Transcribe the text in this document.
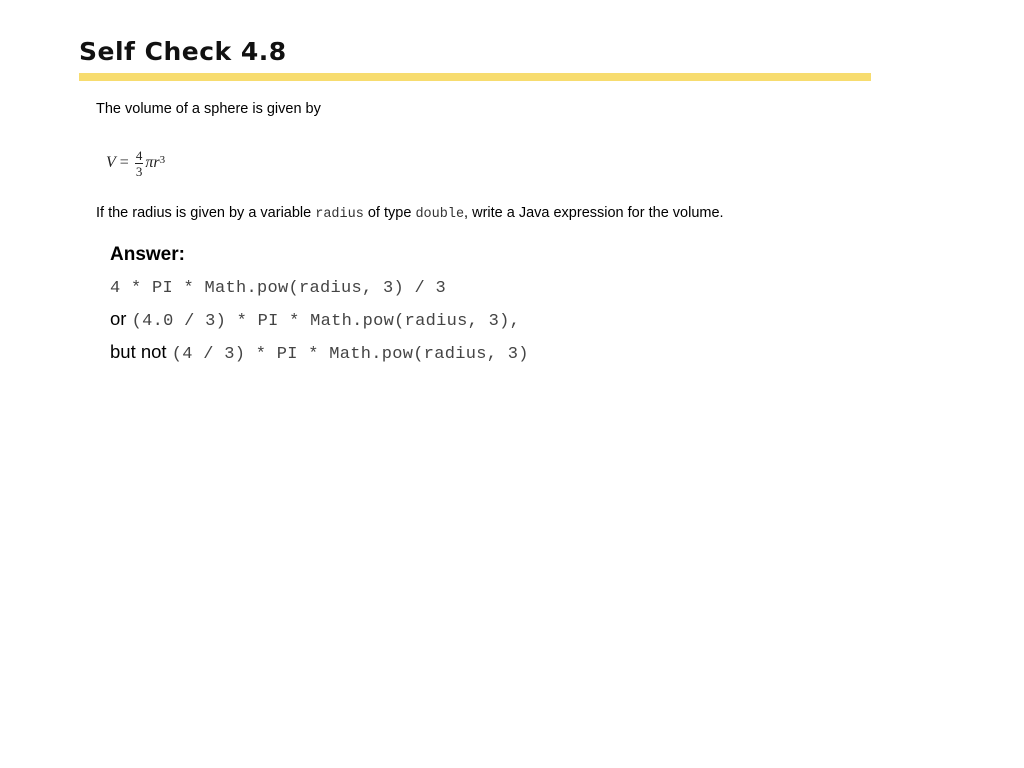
Self Check 4.8
The volume of a sphere is given by
$V = \frac{4}{3}$ π $r^3$
If the radius is given by a variable radius of type double, write a Java expression for the volume.
Answer:
4 * PI * Math.pow(radius, 3) / 3
or (4.0 / 3) * PI * Math.pow(radius, 3),
but not (4 / 3) * PI * Math.pow(radius, 3)
